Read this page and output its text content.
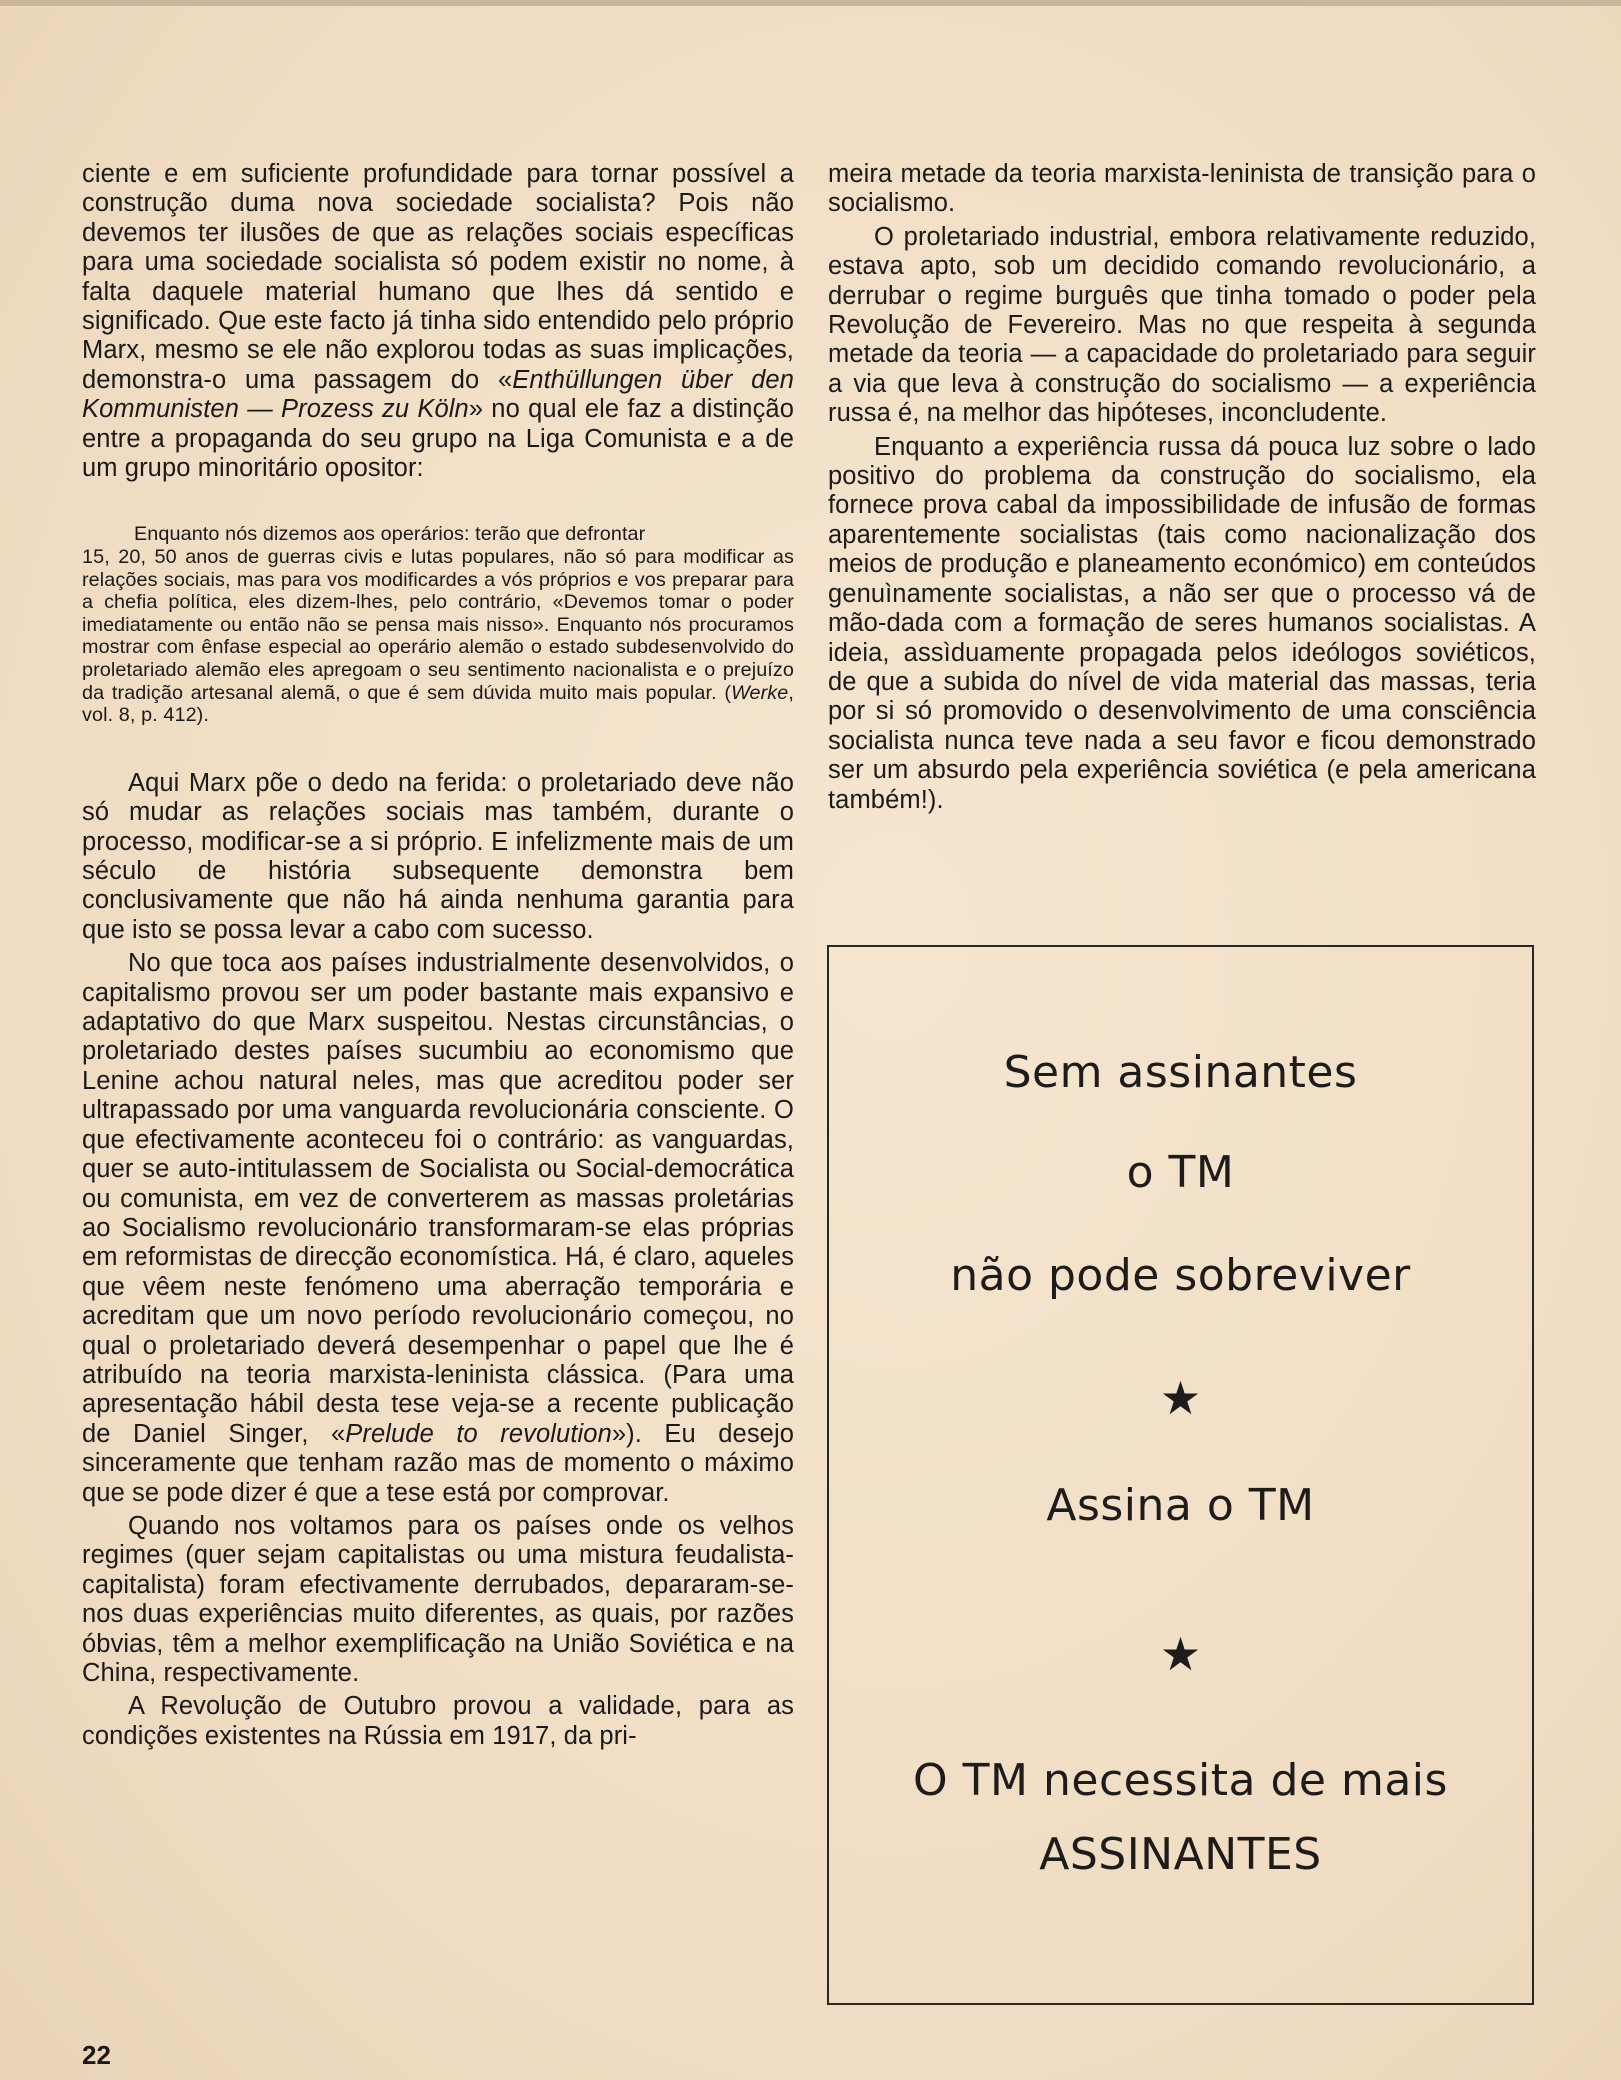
ciente e em suficiente profundidade para tornar possível a construção duma nova sociedade socialista? Pois não devemos ter ilusões de que as relações sociais específicas para uma sociedade socialista só podem existir no nome, à falta daquele material humano que lhes dá sentido e significado. Que este facto já tinha sido entendido pelo próprio Marx, mesmo se ele não explorou todas as suas implicações, demonstra-o uma passagem do «Enthüllungen über den Kommunisten — Prozess zu Köln» no qual ele faz a distinção entre a propaganda do seu grupo na Liga Comunista e a de um grupo minoritário opositor:

Enquanto nós dizemos aos operários: terão que defrontar
15, 20, 50 anos de guerras civis e lutas populares, não só para modificar as relações sociais, mas para vos modificardes a vós próprios e vos preparar para a chefia política, eles dizem-lhes, pelo contrário, «Devemos tomar o poder imediatamente ou então não se pensa mais nisso». Enquanto nós procuramos mostrar com ênfase especial ao operário alemão o estado subdesenvolvido do proletariado alemão eles apregoam o seu sentimento nacionalista e o prejuízo da tradição artesanal alemã, o que é sem dúvida muito mais popular. (Werke, vol. 8, p. 412).

Aqui Marx põe o dedo na ferida: o proletariado deve não só mudar as relações sociais mas também, durante o processo, modificar-se a si próprio. E infelizmente mais de um século de história subsequente demonstra bem conclusivamente que não há ainda nenhuma garantia para que isto se possa levar a cabo com sucesso.

No que toca aos países industrialmente desenvolvidos, o capitalismo provou ser um poder bastante mais expansivo e adaptativo do que Marx suspeitou. Nestas circunstâncias, o proletariado destes países sucumbiu ao economismo que Lenine achou natural neles, mas que acreditou poder ser ultrapassado por uma vanguarda revolucionária consciente. O que efectivamente aconteceu foi o contrário: as vanguardas, quer se auto-intitulassem de Socialista ou Social-democrática ou comunista, em vez de converterem as massas proletárias ao Socialismo revolucionário transformaram-se elas próprias em reformistas de direcção economística. Há, é claro, aqueles que vêem neste fenómeno uma aberração temporária e acreditam que um novo período revolucionário começou, no qual o proletariado deverá desempenhar o papel que lhe é atribuído na teoria marxista-leninista clássica. (Para uma apresentação hábil desta tese veja-se a recente publicação de Daniel Singer, «Prelude to revolution»). Eu desejo sinceramente que tenham razão mas de momento o máximo que se pode dizer é que a tese está por comprovar.

Quando nos voltamos para os países onde os velhos regimes (quer sejam capitalistas ou uma mistura feudalista-capitalista) foram efectivamente derrubados, depararam-se-nos duas experiências muito diferentes, as quais, por razões óbvias, têm a melhor exemplificação na União Soviética e na China, respectivamente.

A Revolução de Outubro provou a validade, para as condições existentes na Rússia em 1917, da pri-

meira metade da teoria marxista-leninista de transição para o socialismo.

O proletariado industrial, embora relativamente reduzido, estava apto, sob um decidido comando revolucionário, a derrubar o regime burguês que tinha tomado o poder pela Revolução de Fevereiro. Mas no que respeita à segunda metade da teoria — a capacidade do proletariado para seguir a via que leva à construção do socialismo — a experiência russa é, na melhor das hipóteses, inconcludente.

Enquanto a experiência russa dá pouca luz sobre o lado positivo do problema da construção do socialismo, ela fornece prova cabal da impossibilidade de infusão de formas aparentemente socialistas (tais como nacionalização dos meios de produção e planeamento económico) em conteúdos genuìnamente socialistas, a não ser que o processo vá de mão-dada com a formação de seres humanos socialistas. A ideia, assìduamente propagada pelos ideólogos soviéticos, de que a subida do nível de vida material das massas, teria por si só promovido o desenvolvimento de uma consciência socialista nunca teve nada a seu favor e ficou demonstrado ser um absurdo pela experiência soviética (e pela americana também!).

Sem assinantes
o TM
não pode sobreviver
★
Assina o TM
★
O TM necessita de mais
ASSINANTES
22
